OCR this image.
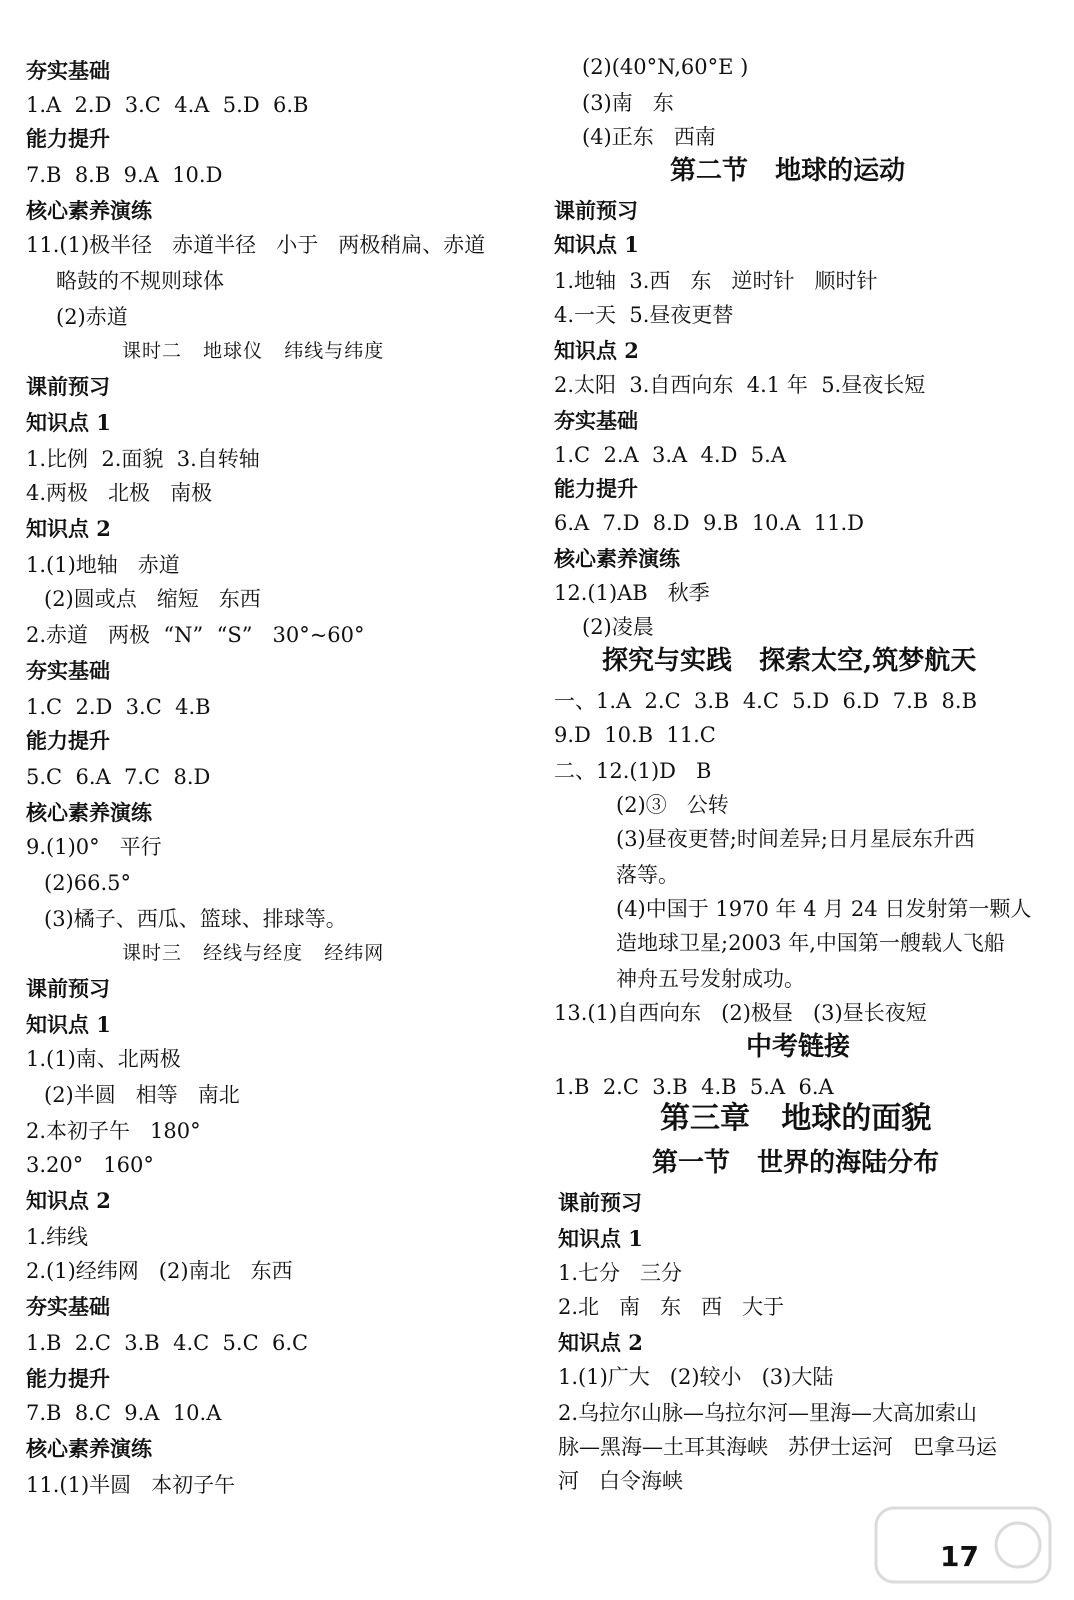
夯实基础
1.A  2.D  3.C  4.A  5.D  6.B
能力提升
7.B  8.B  9.A  10.D
核心素养演练
11.(1)极半径   赤道半径   小于   两极稍扁、赤道
略鼓的不规则球体
(2)赤道
课时二   地球仪   纬线与纬度
课前预习
知识点 1
1.比例  2.面貌  3.自转轴
4.两极   北极   南极
知识点 2
1.(1)地轴   赤道
(2)圆或点   缩短   东西
2.赤道   两极  “N”  “S”   30°~60°
夯实基础
1.C  2.D  3.C  4.B
能力提升
5.C  6.A  7.C  8.D
核心素养演练
9.(1)0°   平行
(2)66.5°
(3)橘子、西瓜、篮球、排球等。
课时三   经线与经度   经纬网
课前预习
知识点 1
1.(1)南、北两极
(2)半圆   相等   南北
2.本初子午   180°
3.20°   160°
知识点 2
1.纬线
2.(1)经纬网   (2)南北   东西
夯实基础
1.B  2.C  3.B  4.C  5.C  6.C
能力提升
7.B  8.C  9.A  10.A
核心素养演练
11.(1)半圆   本初子午
(2)(40°N,60°E )
(3)南   东
(4)正东   西南
第二节   地球的运动
课前预习
知识点 1
1.地轴  3.西   东   逆时针   顺时针
4.一天  5.昼夜更替
知识点 2
2.太阳  3.自西向东  4.1 年  5.昼夜长短
夯实基础
1.C  2.A  3.A  4.D  5.A
能力提升
6.A  7.D  8.D  9.B  10.A  11.D
核心素养演练
12.(1)AB   秋季
(2)凌晨
探究与实践   探索太空,筑梦航天
一、1.A  2.C  3.B  4.C  5.D  6.D  7.B  8.B
9.D  10.B  11.C
二、12.(1)D   B
(2)③   公转
(3)昼夜更替;时间差异;日月星辰东升西
落等。
(4)中国于 1970 年 4 月 24 日发射第一颗人
造地球卫星;2003 年,中国第一艘载人飞船
神舟五号发射成功。
13.(1)自西向东   (2)极昼   (3)昼长夜短
中考链接
1.B  2.C  3.B  4.B  5.A  6.A
第三章   地球的面貌
第一节   世界的海陆分布
课前预习
知识点 1
1.七分   三分
2.北   南   东   西   大于
知识点 2
1.(1)广大   (2)较小   (3)大陆
2.乌拉尔山脉—乌拉尔河—里海—大高加索山
脉—黑海—土耳其海峡   苏伊士运河   巴拿马运
河   白令海峡
17
